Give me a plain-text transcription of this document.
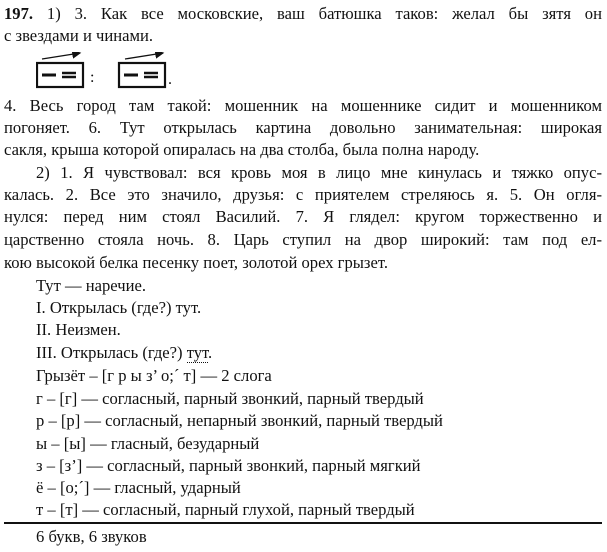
197. 1) 3. Как все московские, ваш батюшка таков: желал бы зятя он
с звездами и чинами.
:	.
4. Весь город там такой: мошенник на мошеннике сидит и мошенником
погоняет. 6. Тут открылась картина довольно занимательная: широкая
сакля, крыша которой опиралась на два столба, была полна народу.
2) 1. Я чувствовал: вся кровь моя в лицо мне кинулась и тяжко опус-
калась. 2. Все это значило, друзья: с приятелем стреляюсь я. 5. Он огля-
нулся: перед ним стоял Василий. 7. Я глядел: кругом торжественно и
царственно стояла ночь. 8. Царь ступил на двор широкий: там под ел-
кою высокой белка песенку поет, золотой орех грызет.
Тут — наречие.
I. Открылась (где?) тут.
II. Неизмен.
III. Открылась (где?) тут.
Грызёт – [г р ы з’ о;´ т] — 2 слога
г – [г] — согласный, парный звонкий, парный твердый
р – [р] — согласный, непарный звонкий, парный твердый
ы – [ы] — гласный, безударный
з – [з’] — согласный, парный звонкий, парный мягкий
ё – [о;´] — гласный, ударный
т – [т] — согласный, парный глухой, парный твердый
6 букв, 6 звуков
